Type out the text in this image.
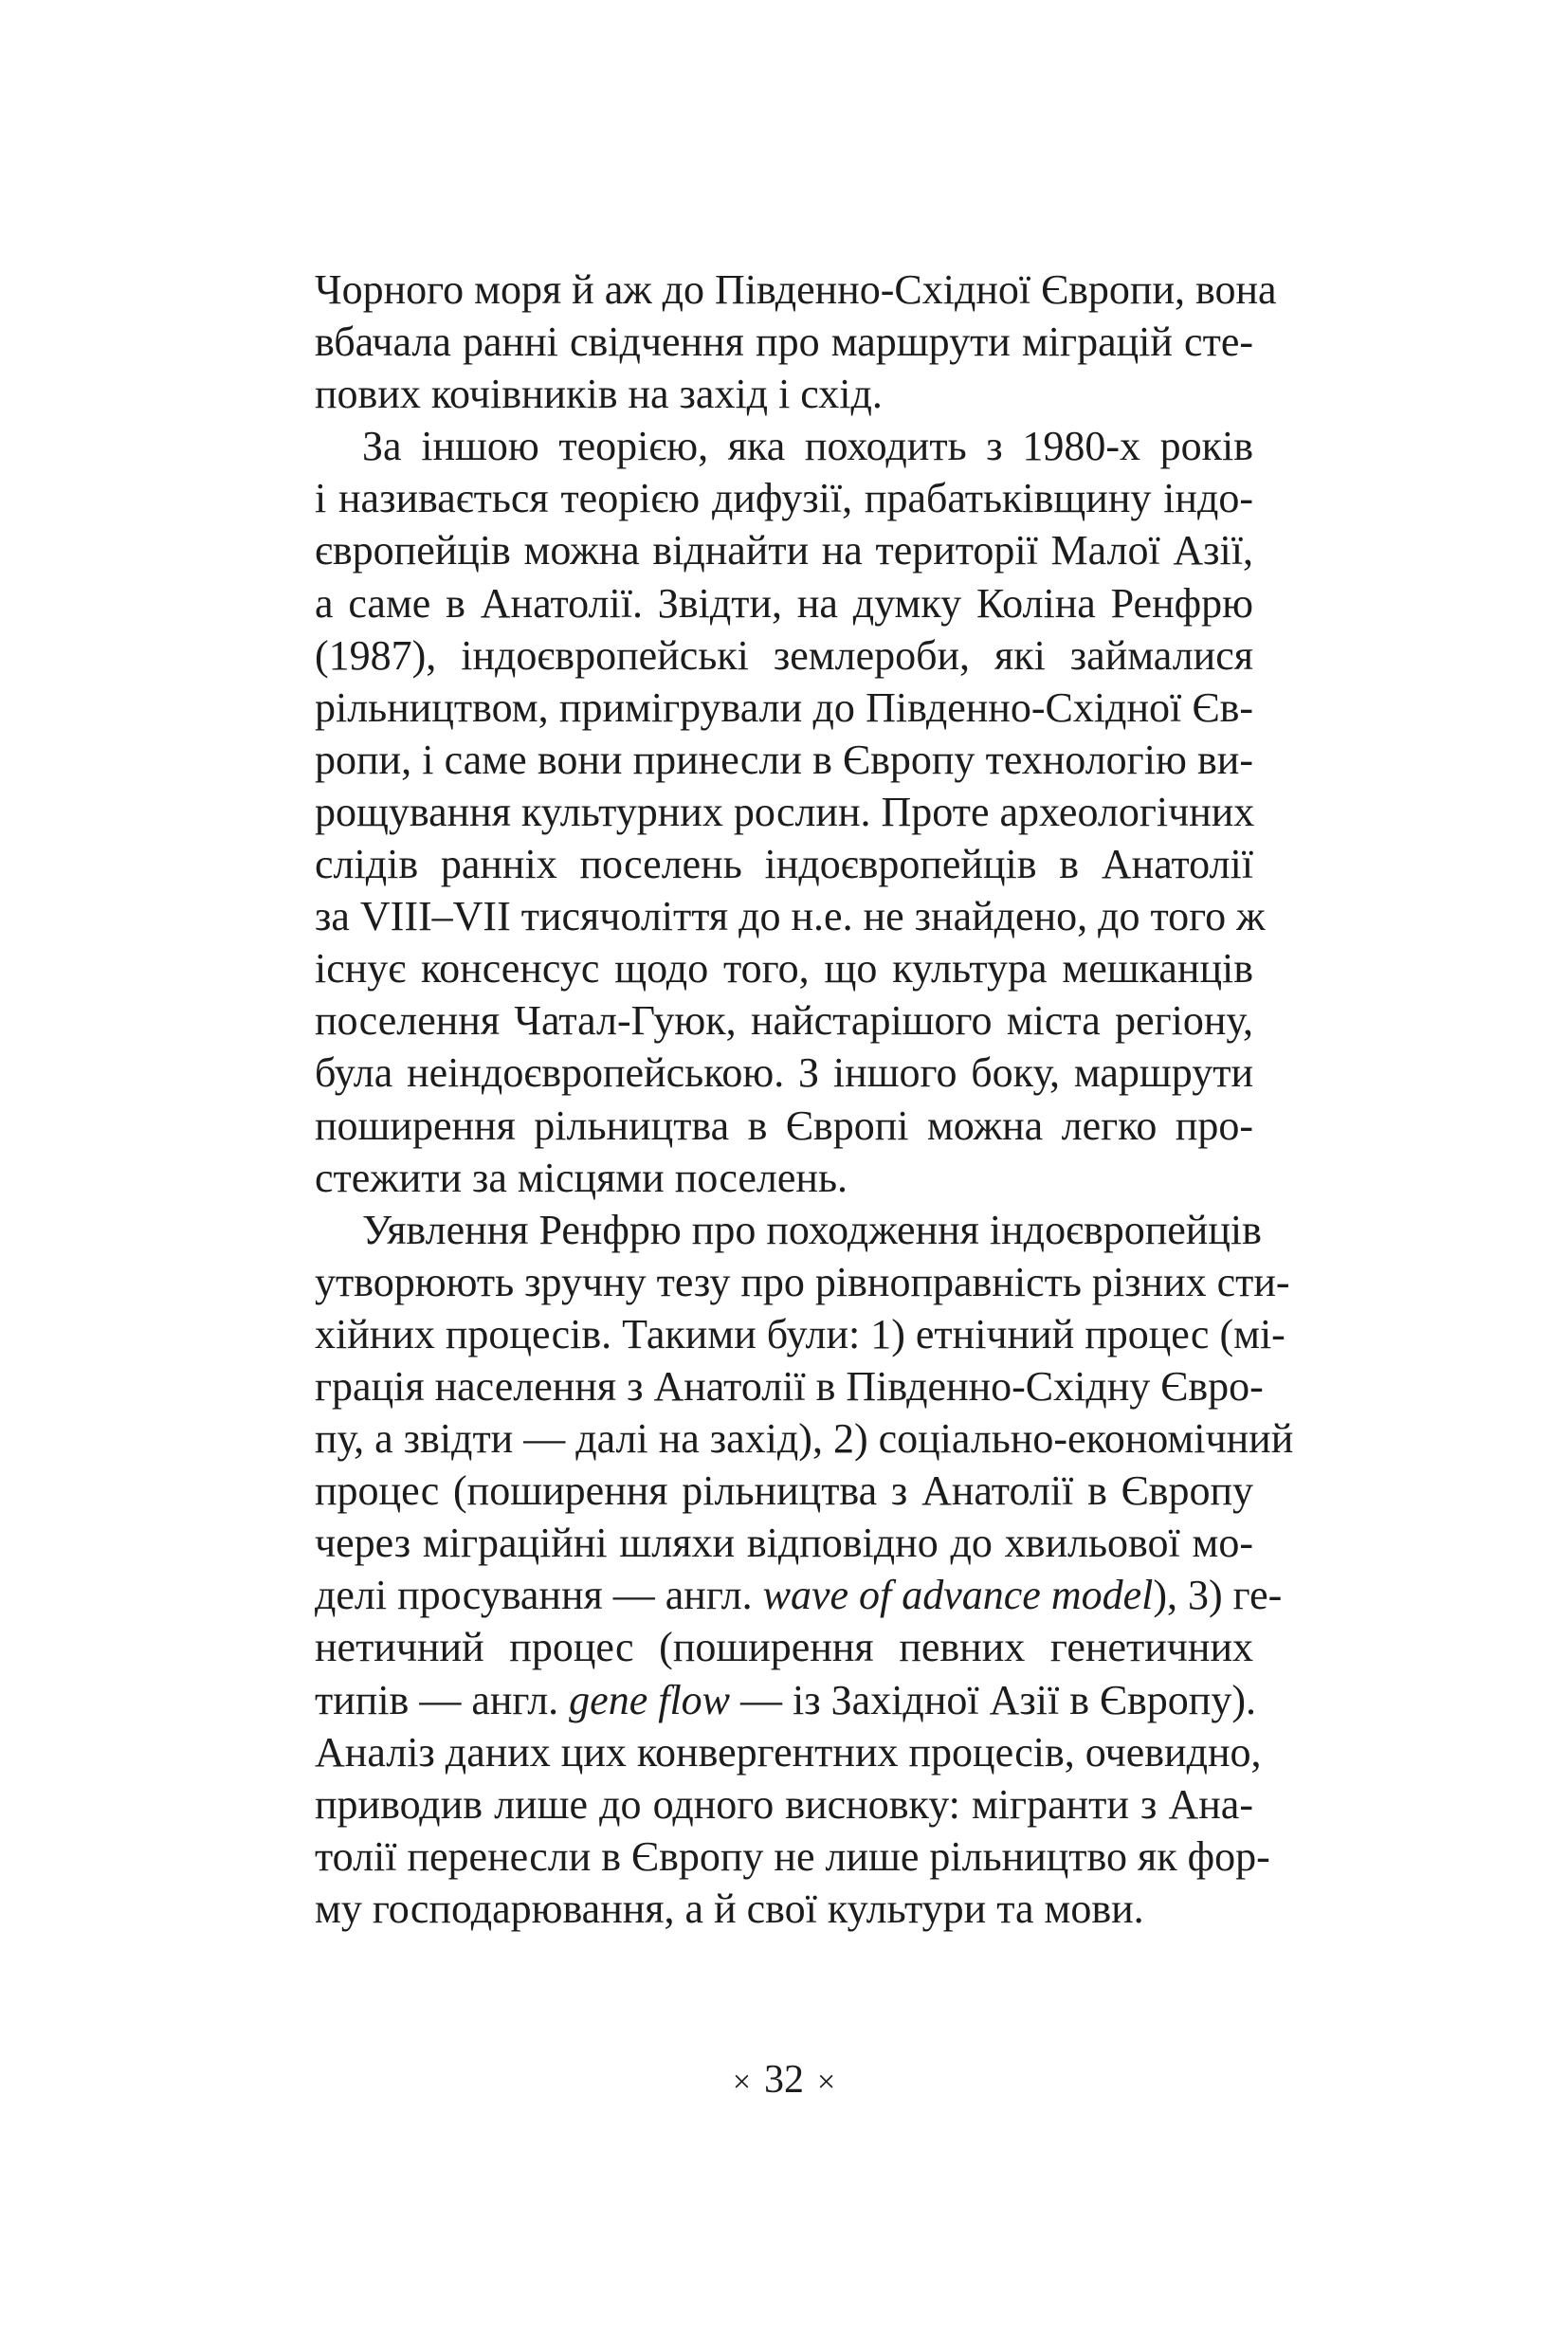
Чорного моря й аж до Південно-Східної Європи, вона
вбачала ранні свідчення про маршрути міграцій сте-
пових кочівників на захід і схід.
За іншою теорією, яка походить з 1980-х років
і називається теорією дифузії, прабатьківщину індо-
європейців можна віднайти на території Малої Азії,
а саме в Анатолії. Звідти, на думку Коліна Ренфрю
(1987), індоєвропейські землероби, які займалися
рільництвом, примігрували до Південно-Східної Єв-
ропи, і саме вони принесли в Європу технологію ви-
рощування культурних рослин. Проте археологічних
слідів ранніх поселень індоєвропейців в Анатолії
за VIII–VII тисячоліття до н.е. не знайдено, до того ж
існує консенсус щодо того, що культура мешканців
поселення Чатал-Гуюк, найстарішого міста регіону,
була неіндоєвропейською. З іншого боку, маршрути
поширення рільництва в Європі можна легко про-
стежити за місцями поселень.
Уявлення Ренфрю про походження індоєвропейців
утворюють зручну тезу про рівноправність різних сти-
хійних процесів. Такими були: 1) етнічний процес (мі-
грація населення з Анатолії в Південно-Східну Євро-
пу, а звідти — далі на захід), 2) соціально-економічний
процес (поширення рільництва з Анатолії в Європу
через міграційні шляхи відповідно до хвильової мо-
делі просування — англ. wave of advance model), 3) ге-
нетичний процес (поширення певних генетичних
типів — англ. gene flow — із Західної Азії в Європу).
Аналіз даних цих конвергентних процесів, очевидно,
приводив лише до одного висновку: мігранти з Ана-
толії перенесли в Європу не лише рільництво як фор-
му господарювання, а й свої культури та мови.
× 32 ×
